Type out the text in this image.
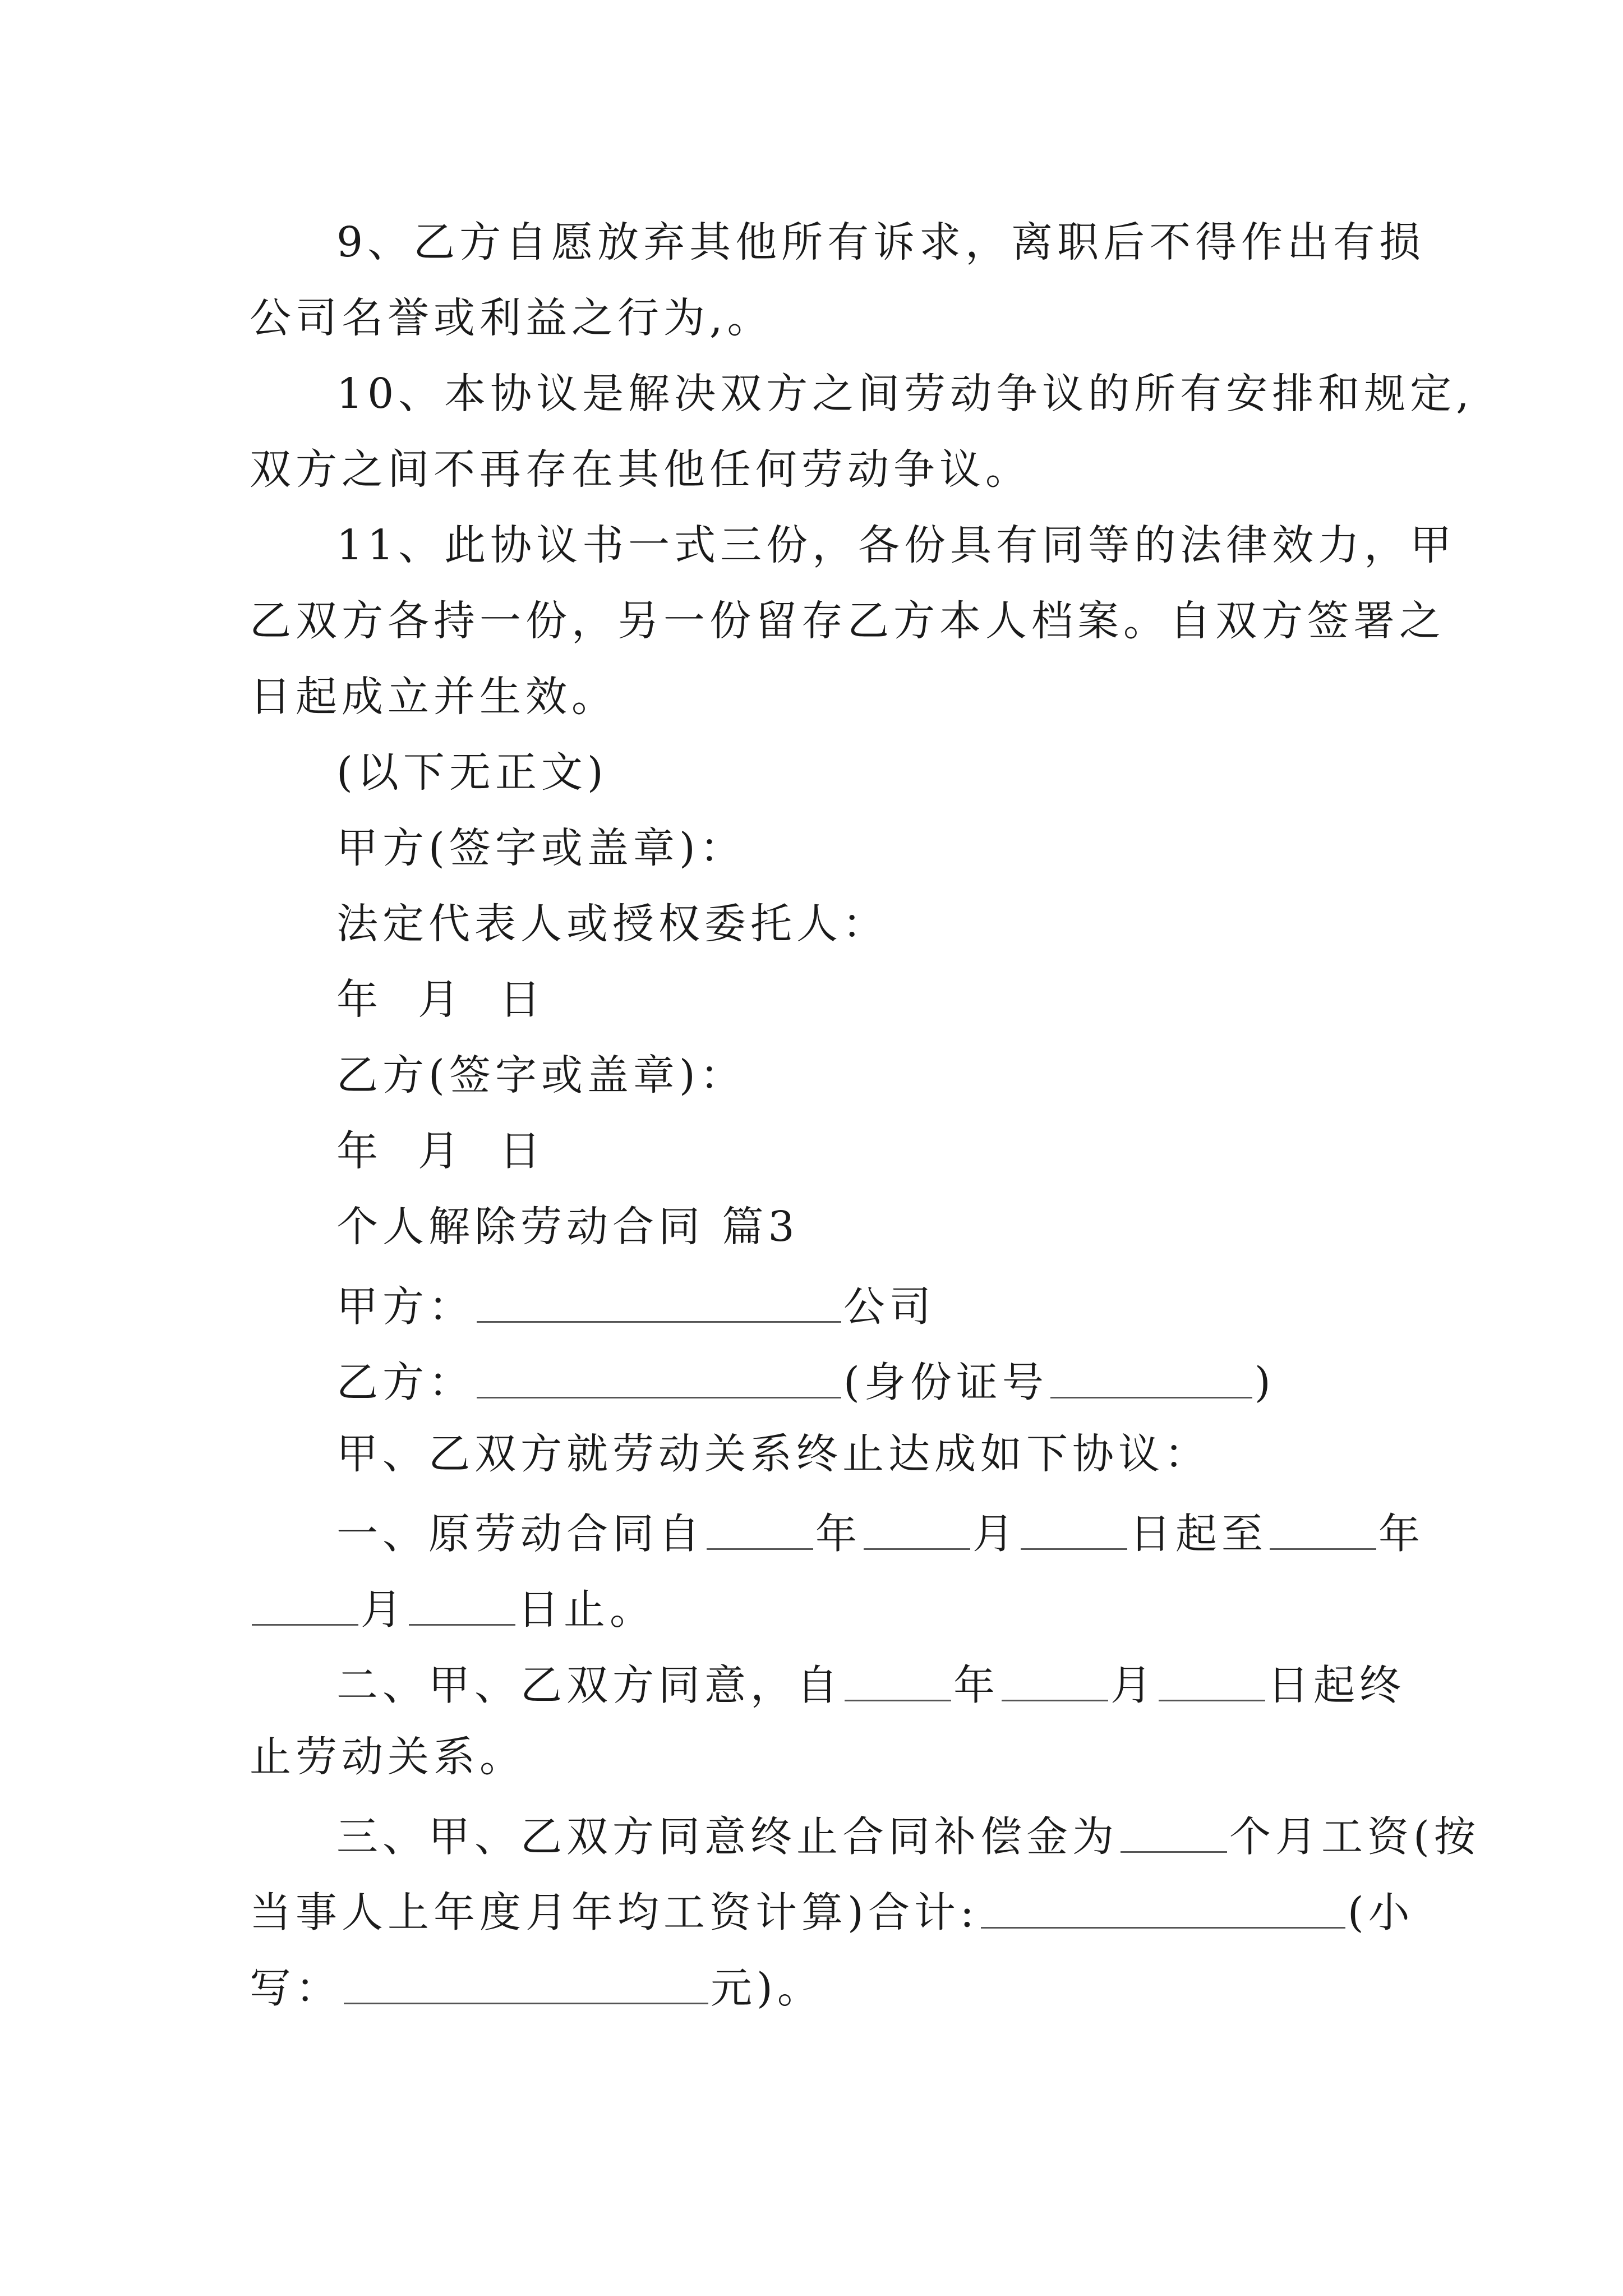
9、乙方自愿放弃其他所有诉求，离职后不得作出有损

公司名誉或利益之行为,。

10、本协议是解决双方之间劳动争议的所有安排和规定,

双方之间不再存在其他任何劳动争议。

11、此协议书一式三份，各份具有同等的法律效力，甲

乙双方各持一份，另一份留存乙方本人档案。自双方签署之

日起成立并生效。

(以下无正文)

甲方(签字或盖章)：

法定代表人或授权委托人：

年  月  日

乙方(签字或盖章)：

年  月  日

个人解除劳动合同 篇3

甲方：	公司

乙方：	(身份证号	)

甲、乙双方就劳动关系终止达成如下协议：

一、原劳动合同自	年	月	日起至	年

月	日止。

二、甲、乙双方同意，自	年	月	日起终

止劳动关系。

三、甲、乙双方同意终止合同补偿金为	个月工资(按

当事人上年度月年均工资计算)合计:	(小

写：	元)。
